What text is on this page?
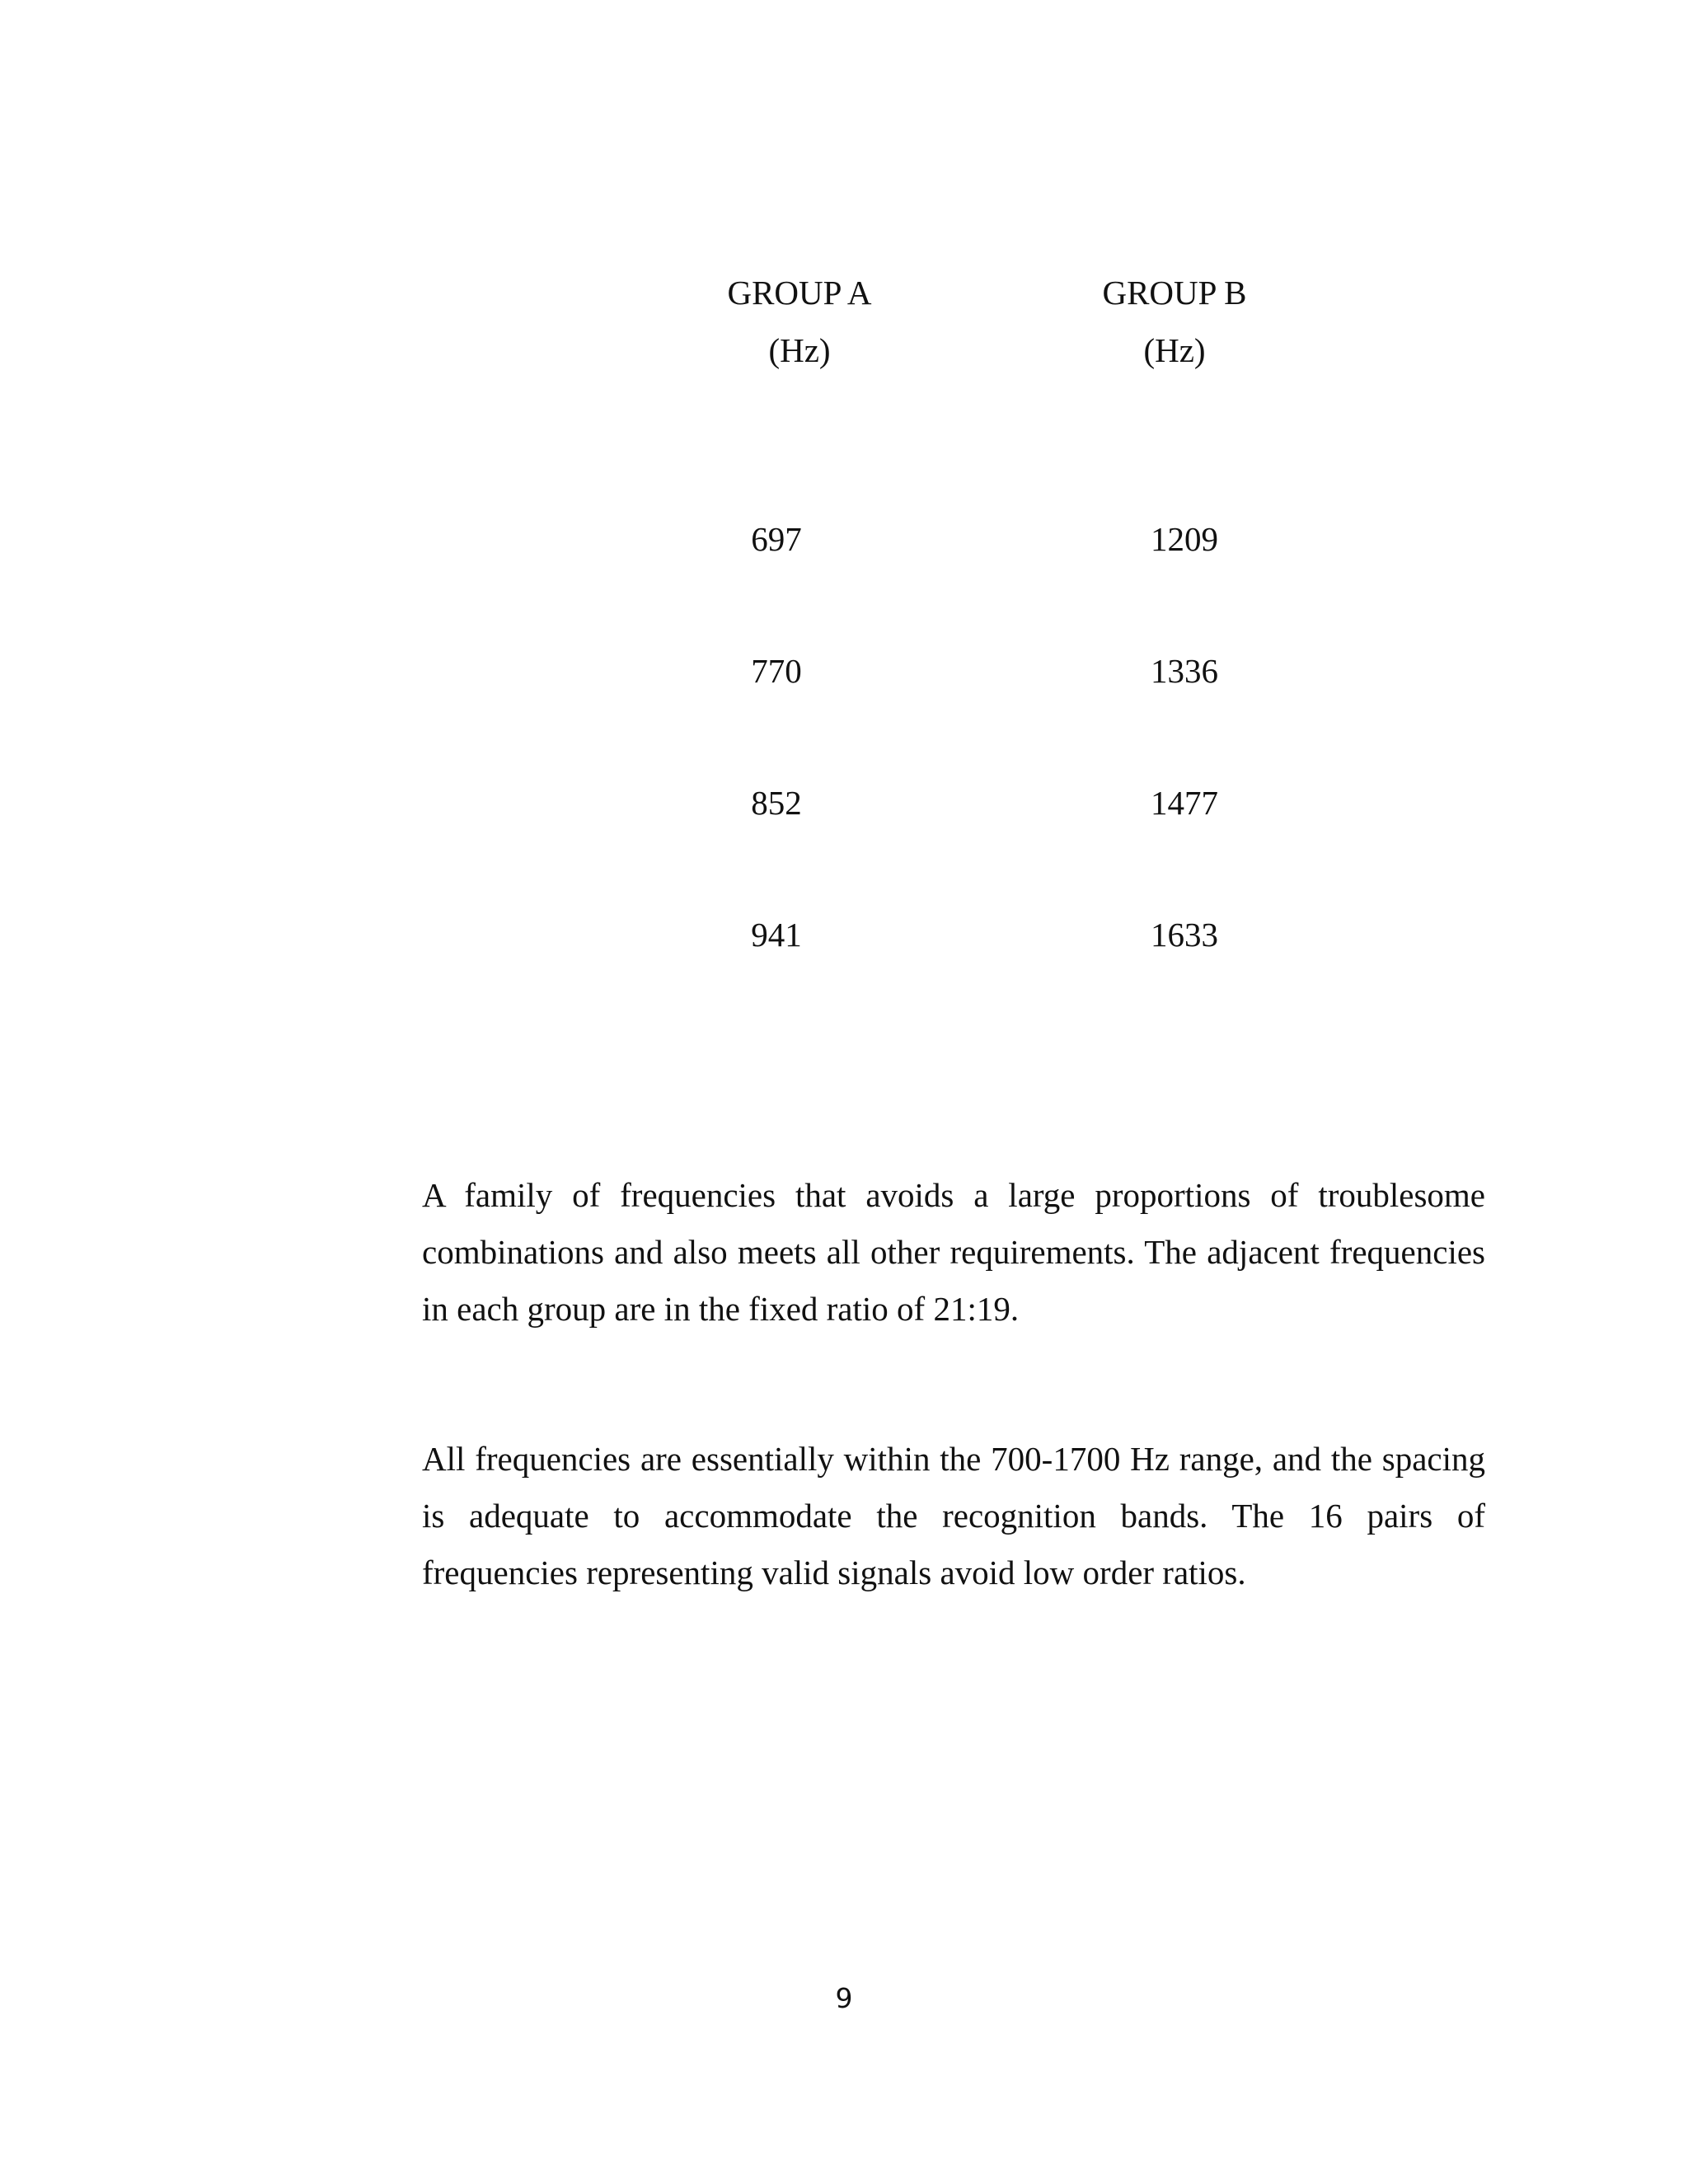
GROUP A
(Hz)
697
770
852
941
GROUP B
(Hz)
1209
1336
1477
1633

A family of frequencies that avoids a large proportions of troublesome combinations and also meets all other requirements. The adjacent frequencies in each group are in the fixed ratio of 21:19.

All frequencies are essentially within the 700-1700 Hz range, and the spacing is adequate to accommodate the recognition bands. The 16 pairs of frequencies representing valid signals avoid low order ratios.

9
